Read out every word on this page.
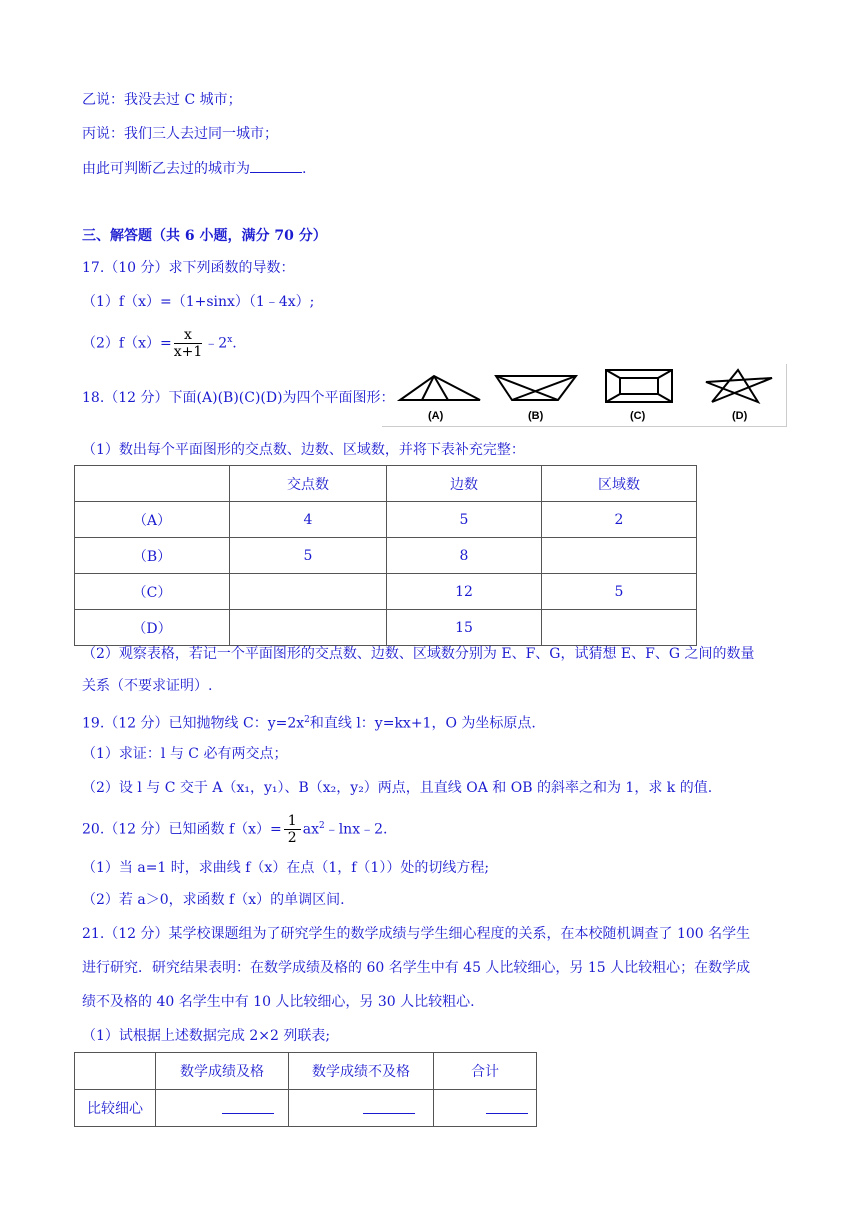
乙说：我没去过 C 城市；
丙说：我们三人去过同一城市；
由此可判断乙去过的城市为	.
三、解答题（共 6 小题，满分 70 分）
17.（10 分）求下列函数的导数：
（1）f（x）=（1+sinx）（1﹣4x）;
$(2)f(x)= \frac{x}{x+1}$ ﹣2$^x$.
18.（12 分）下面(A)(B)(C)(D)为四个平面图形：
(A)	(B)	(C)	(D)
（1）数出每个平面图形的交点数、边数、区域数，并将下表补充完整：
	交点数	边数	区域数
（A）	4	5	2
（B）	5	8	
（C）		12	5
（D）		15	
（2）观察表格，若记一个平面图形的交点数、边数、区域数分别为 E、F、G，试猜想 E、F、G 之间的数量
关系（不要求证明）.
19.（12 分）已知抛物线 C：$y=2x^2$和直线 l：y=kx+1，O 为坐标原点.
（1）求证：l 与 C 必有两交点；
（2）设 l 与 C 交于 A（x₁，y₁）、B（x₂，y₂）两点，且直线 OA 和 OB 的斜率之和为 1，求 k 的值.
20.（12 分）已知函数 $f(x)= \frac{1}{2}$ $ax^2﹣\ln x﹣2$.
（1）当 a=1 时，求曲线 f（x）在点（1，f（1））处的切线方程;
（2）若 a＞0，求函数 f（x）的单调区间.
21.（12 分）某学校课题组为了研究学生的数学成绩与学生细心程度的关系，在本校随机调查了 100 名学生
进行研究．研究结果表明：在数学成绩及格的 60 名学生中有 45 人比较细心，另 15 人比较粗心；在数学成
绩不及格的 40 名学生中有 10 人比较细心，另 30 人比较粗心.
（1）试根据上述数据完成 2×2 列联表;
	数学成绩及格	数学成绩不及格	合计
比较细心			
